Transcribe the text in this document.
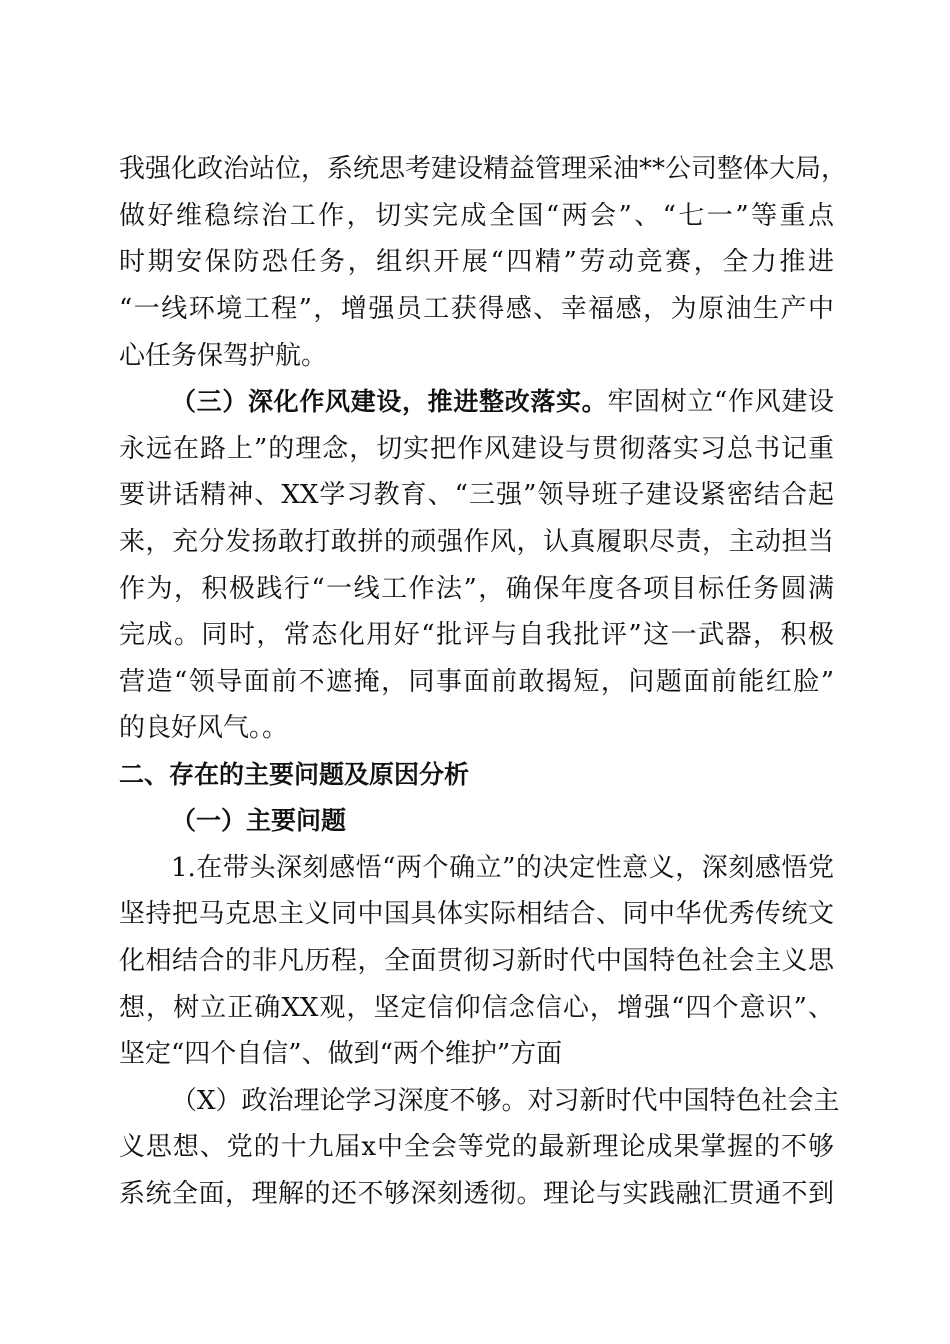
我强化政治站位，系统思考建设精益管理采油**公司整体大局，
做好维稳综治工作，切实完成全国“两会”、“七一”等重点
时期安保防恐任务，组织开展“四精”劳动竞赛，全力推进
“一线环境工程”，增强员工获得感、幸福感，为原油生产中
心任务保驾护航。
（三）深化作风建设，推进整改落实。牢固树立“作风建设
永远在路上”的理念，切实把作风建设与贯彻落实习总书记重
要讲话精神、XX学习教育、“三强”领导班子建设紧密结合起
来，充分发扬敢打敢拼的顽强作风，认真履职尽责，主动担当
作为，积极践行“一线工作法”，确保年度各项目标任务圆满
完成。同时，常态化用好“批评与自我批评”这一武器，积极
营造“领导面前不遮掩，同事面前敢揭短，问题面前能红脸”
的良好风气。。
二、存在的主要问题及原因分析
（一）主要问题
1.在带头深刻感悟“两个确立”的决定性意义，深刻感悟党
坚持把马克思主义同中国具体实际相结合、同中华优秀传统文
化相结合的非凡历程，全面贯彻习新时代中国特色社会主义思
想，树立正确XX观，坚定信仰信念信心，增强“四个意识”、
坚定“四个自信”、做到“两个维护”方面
（X）政治理论学习深度不够。对习新时代中国特色社会主
义思想、党的十九届x中全会等党的最新理论成果掌握的不够
系统全面，理解的还不够深刻透彻。理论与实践融汇贯通不到
